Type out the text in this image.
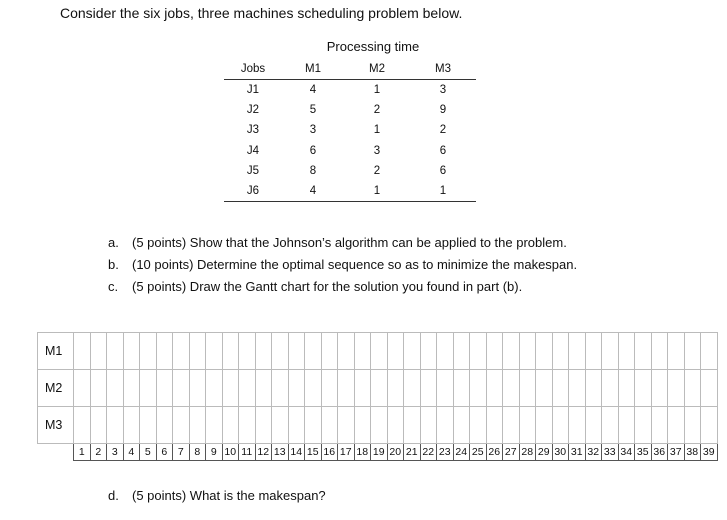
Consider the six jobs, three machines scheduling problem below.
Processing time
Jobs	M1	M2	M3
J1	4	1	3
J2	5	2	9
J3	3	1	2
J4	6	3	6
J5	8	2	6
J6	4	1	1
a. (5 points) Show that the Johnson’s algorithm can be applied to the problem.
b. (10 points) Determine the optimal sequence so as to minimize the makespan.
c. (5 points) Draw the Gantt chart for the solution you found in part (b).
M1																																							
M2																																							
M3																																							
	1	2	3	4	5	6	7	8	9	10	11	12	13	14	15	16	17	18	19	20	21	22	23	24	25	26	27	28	29	30	31	32	33	34	35	36	37	38	39
d. (5 points) What is the makespan?
